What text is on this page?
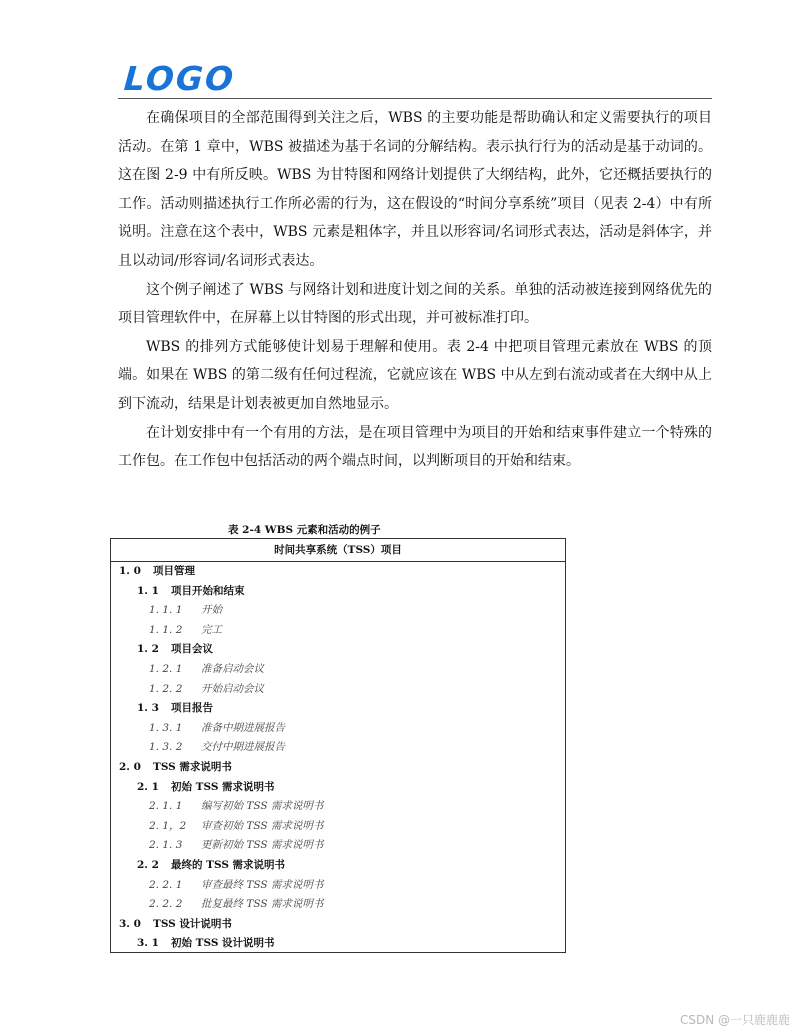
LOGO

在确保项目的全部范围得到关注之后，WBS 的主要功能是帮助确认和定义需要执行的项目活动。在第 1 章中，WBS 被描述为基于名词的分解结构。表示执行行为的活动是基于动词的。这在图 2-9 中有所反映。WBS 为甘特图和网络计划提供了大纲结构，此外，它还概括要执行的工作。活动则描述执行工作所必需的行为，这在假设的“时间分享系统”项目（见表 2-4）中有所说明。注意在这个表中，WBS 元素是粗体字，并且以形容词/名词形式表达，活动是斜体字，并且以动词/形容词/名词形式表达。

这个例子阐述了 WBS 与网络计划和进度计划之间的关系。单独的活动被连接到网络优先的项目管理软件中，在屏幕上以甘特图的形式出现，并可被标准打印。

WBS 的排列方式能够使计划易于理解和使用。表 2-4 中把项目管理元素放在 WBS 的顶端。如果在 WBS 的第二级有任何过程流，它就应该在 WBS 中从左到右流动或者在大纲中从上到下流动，结果是计划表被更加自然地显示。

在计划安排中有一个有用的方法，是在项目管理中为项目的开始和结束事件建立一个特殊的工作包。在工作包中包括活动的两个端点时间，以判断项目的开始和结束。

表 2-4 WBS 元素和活动的例子
时间共享系统（TSS）项目
1. 0 项目管理
1. 1 项目开始和结束
1. 1. 1 开始
1. 1. 2 完工
1. 2 项目会议
1. 2. 1 准备启动会议
1. 2. 2 开始启动会议
1. 3 项目报告
1. 3. 1 准备中期进展报告
1. 3. 2 交付中期进展报告
2. 0 TSS 需求说明书
2. 1 初始 TSS 需求说明书
2. 1. 1 编写初始 TSS 需求说明书
2. 1，2 审查初始 TSS 需求说明书
2. 1. 3 更新初始 TSS 需求说明书
2. 2 最终的 TSS 需求说明书
2. 2. 1 审查最终 TSS 需求说明书
2. 2. 2 批复最终 TSS 需求说明书
3. 0 TSS 设计说明书
3. 1 初始 TSS 设计说明书
CSDN @一只鹿鹿鹿
